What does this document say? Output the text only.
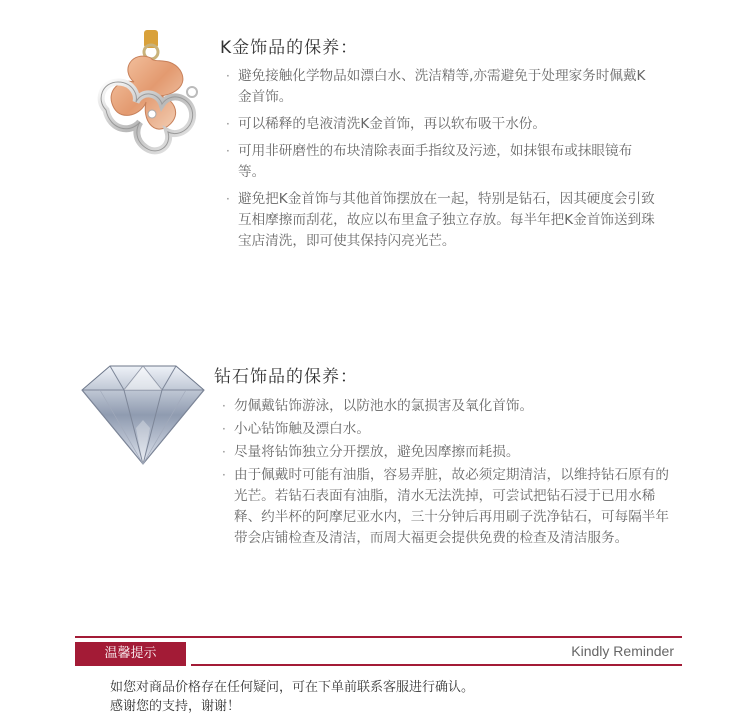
K金饰品的保养：
· 避免接触化学物品如漂白水、洗洁精等,亦需避免于处理家务时佩戴K金首饰。
· 可以稀释的皂液清洗K金首饰，再以软布吸干水份。
· 可用非研磨性的布块清除表面手指纹及污迹，如抹银布或抹眼镜布等。
· 避免把K金首饰与其他首饰摆放在一起，特别是钻石，因其硬度会引致互相摩擦而刮花，故应以布里盒子独立存放。每半年把K金首饰送到珠宝店清洗，即可使其保持闪亮光芒。
钻石饰品的保养：
· 勿佩戴钻饰游泳，以防池水的氯损害及氧化首饰。
· 小心钻饰触及漂白水。
· 尽量将钻饰独立分开摆放，避免因摩擦而耗损。
· 由于佩戴时可能有油脂，容易弄脏，故必须定期清洁，以维持钻石原有的光芒。若钻石表面有油脂，清水无法洗掉，可尝试把钻石浸于已用水稀释、约半杯的阿摩尼亚水内，三十分钟后再用刷子洗净钻石，可每隔半年带会店铺检查及清洁，而周大福更会提供免费的检查及清洁服务。
温馨提示	Kindly Reminder
如您对商品价格存在任何疑问，可在下单前联系客服进行确认。
感谢您的支持，谢谢！
